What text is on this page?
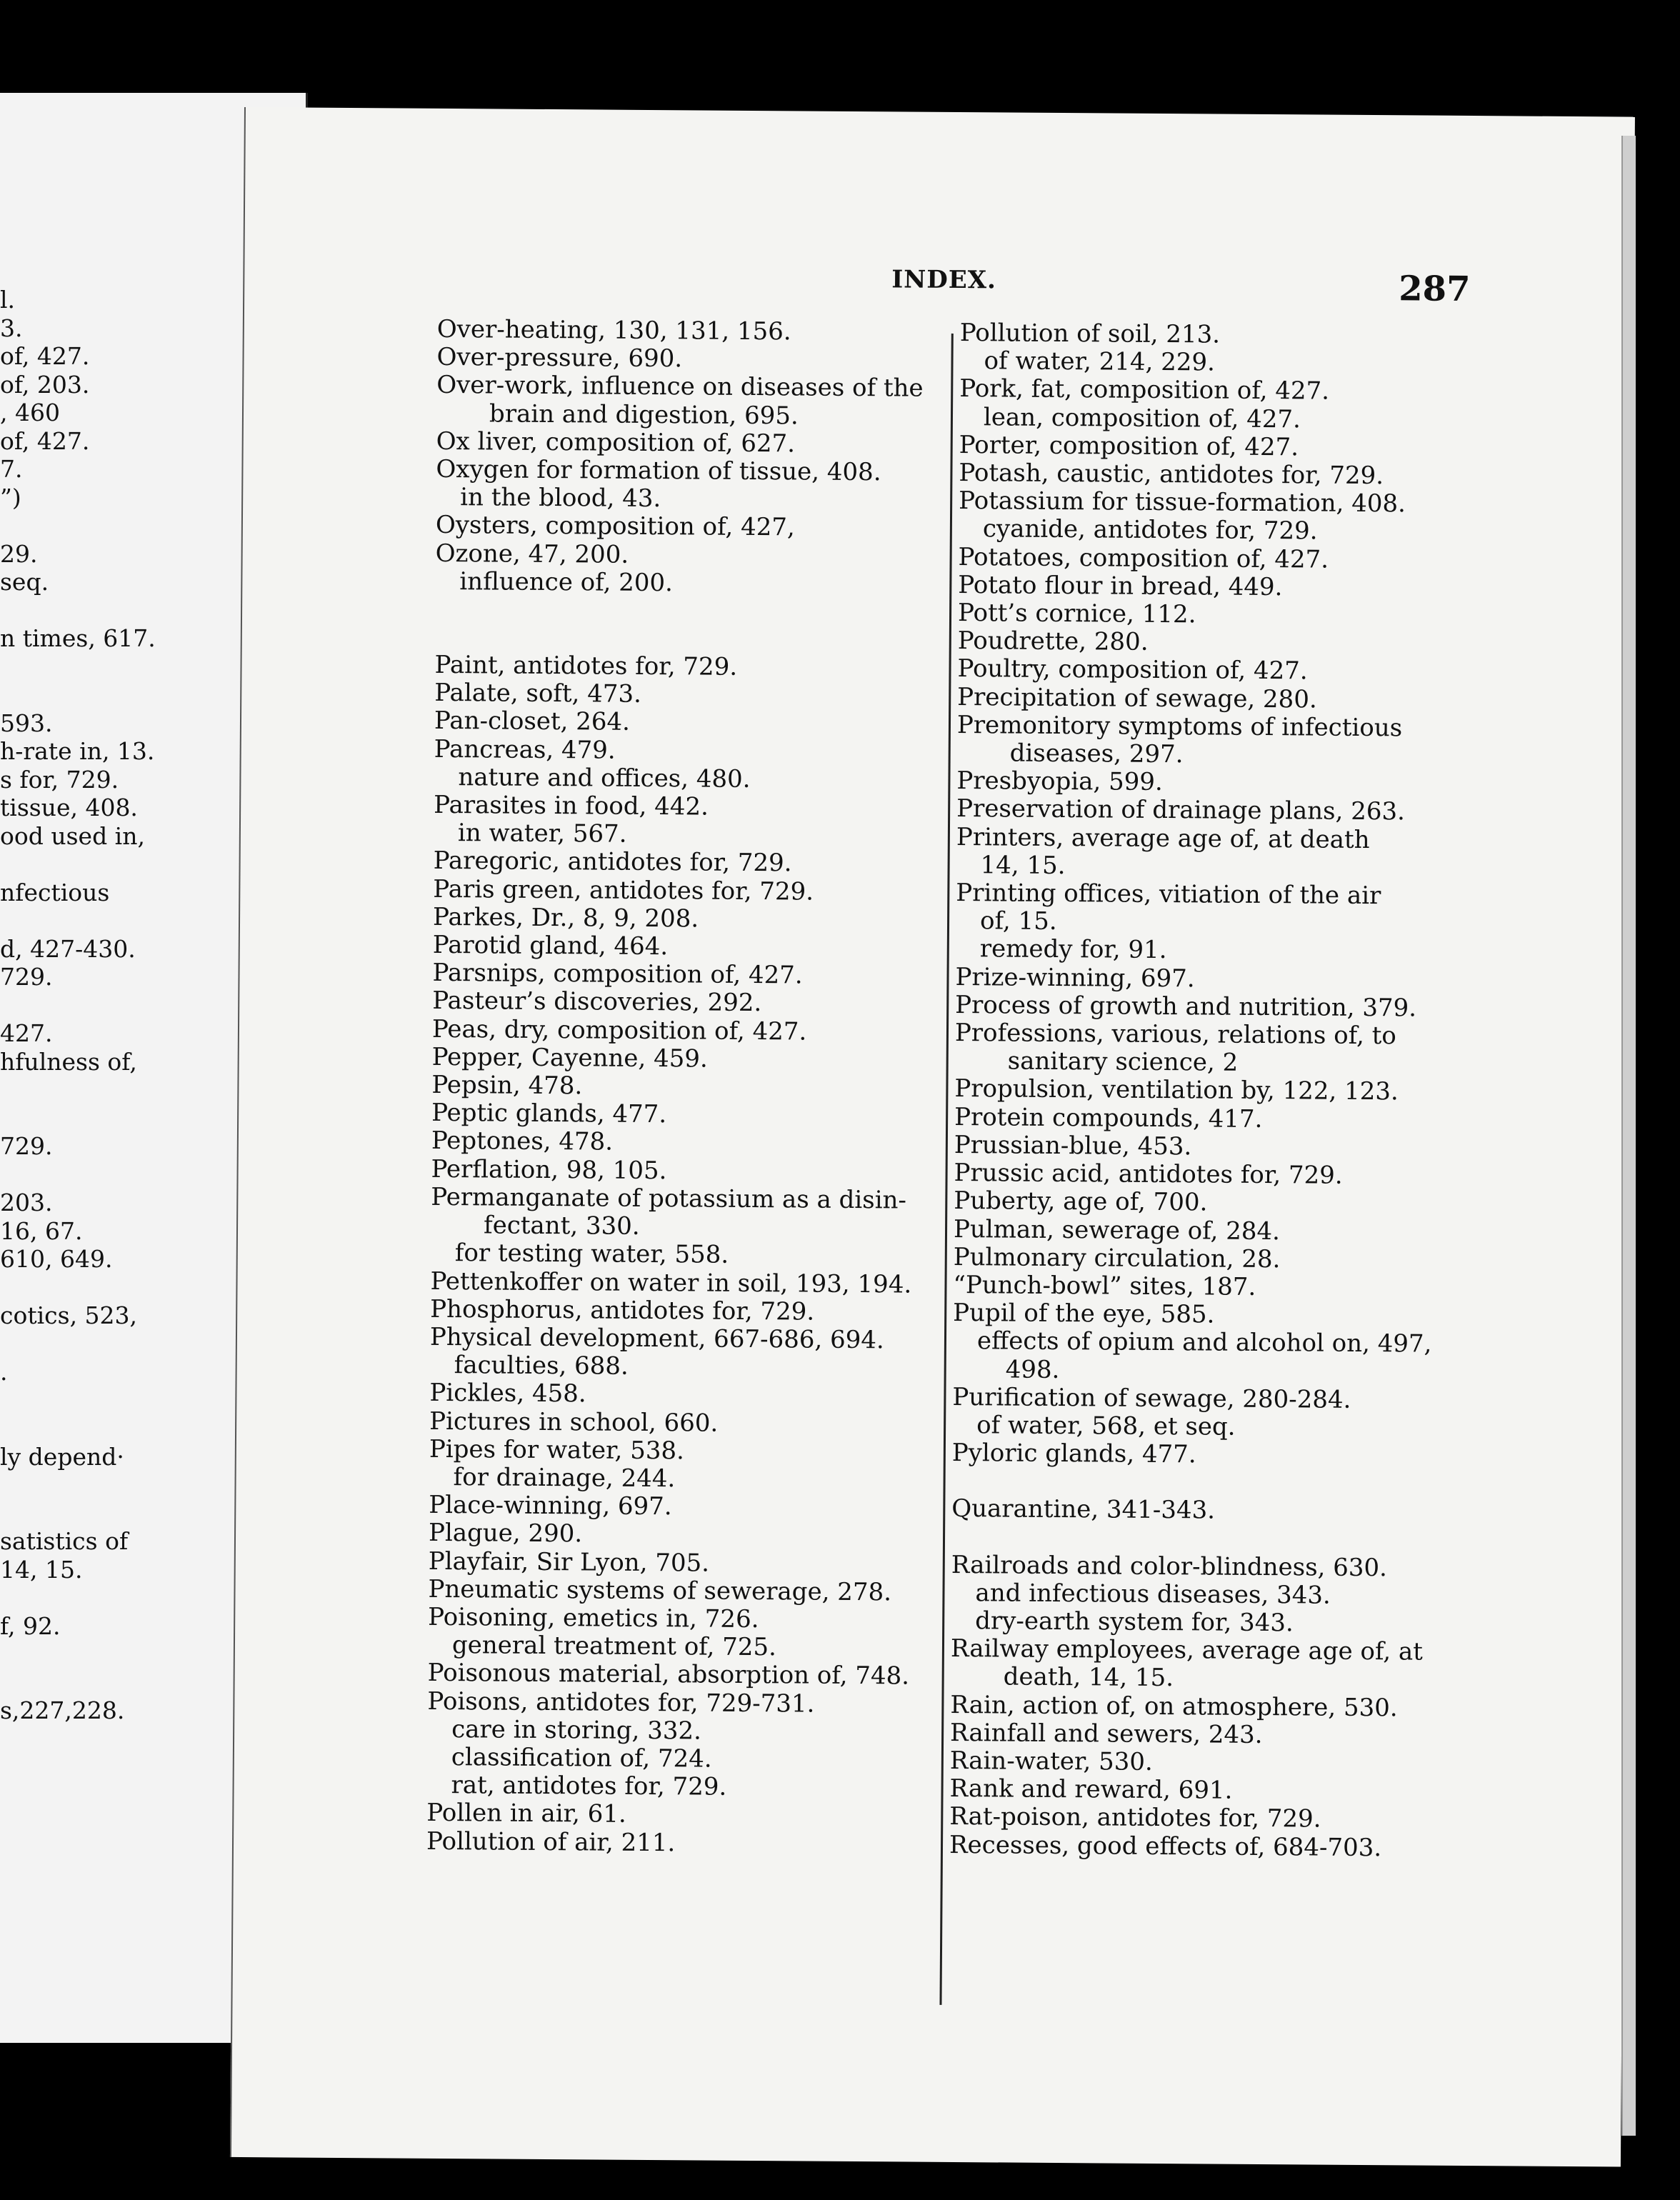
l.
3.
of, 427.
of, 203.
, 460
of, 427.
7.
”)
29.
seq.
n times, 617.
593.
h-rate in, 13.
s for, 729.
tissue, 408.
ood used in,
nfectious
d, 427-430.
729.
427.
hfulness of,
729.
203.
16, 67.
610, 649.
cotics, 523,
.
ly depend·
satistics of
14, 15.
f, 92.
s,227,228.
INDEX.	287
Over-heating, 130, 131, 156.
Over-pressure, 690.
Over-work, influence on diseases of the
brain and digestion, 695.
Ox liver, composition of, 627.
Oxygen for formation of tissue, 408.
in the blood, 43.
Oysters, composition of, 427,
Ozone, 47, 200.
influence of, 200.
Paint, antidotes for, 729.
Palate, soft, 473.
Pan-closet, 264.
Pancreas, 479.
nature and offices, 480.
Parasites in food, 442.
in water, 567.
Paregoric, antidotes for, 729.
Paris green, antidotes for, 729.
Parkes, Dr., 8, 9, 208.
Parotid gland, 464.
Parsnips, composition of, 427.
Pasteur’s discoveries, 292.
Peas, dry, composition of, 427.
Pepper, Cayenne, 459.
Pepsin, 478.
Peptic glands, 477.
Peptones, 478.
Perflation, 98, 105.
Permanganate of potassium as a disin-
fectant, 330.
for testing water, 558.
Pettenkoffer on water in soil, 193, 194.
Phosphorus, antidotes for, 729.
Physical development, 667-686, 694.
faculties, 688.
Pickles, 458.
Pictures in school, 660.
Pipes for water, 538.
for drainage, 244.
Place-winning, 697.
Plague, 290.
Playfair, Sir Lyon, 705.
Pneumatic systems of sewerage, 278.
Poisoning, emetics in, 726.
general treatment of, 725.
Poisonous material, absorption of, 748.
Poisons, antidotes for, 729-731.
care in storing, 332.
classification of, 724.
rat, antidotes for, 729.
Pollen in air, 61.
Pollution of air, 211.
Pollution of soil, 213.
of water, 214, 229.
Pork, fat, composition of, 427.
lean, composition of, 427.
Porter, composition of, 427.
Potash, caustic, antidotes for, 729.
Potassium for tissue-formation, 408.
cyanide, antidotes for, 729.
Potatoes, composition of, 427.
Potato flour in bread, 449.
Pott’s cornice, 112.
Poudrette, 280.
Poultry, composition of, 427.
Precipitation of sewage, 280.
Premonitory symptoms of infectious
diseases, 297.
Presbyopia, 599.
Preservation of drainage plans, 263.
Printers, average age of, at death
14, 15.
Printing offices, vitiation of the air
of, 15.
remedy for, 91.
Prize-winning, 697.
Process of growth and nutrition, 379.
Professions, various, relations of, to
sanitary science, 2
Propulsion, ventilation by, 122, 123.
Protein compounds, 417.
Prussian-blue, 453.
Prussic acid, antidotes for, 729.
Puberty, age of, 700.
Pulman, sewerage of, 284.
Pulmonary circulation, 28.
“Punch-bowl” sites, 187.
Pupil of the eye, 585.
effects of opium and alcohol on, 497,
498.
Purification of sewage, 280-284.
of water, 568, et seq.
Pyloric glands, 477.
Quarantine, 341-343.
Railroads and color-blindness, 630.
and infectious diseases, 343.
dry-earth system for, 343.
Railway employees, average age of, at
death, 14, 15.
Rain, action of, on atmosphere, 530.
Rainfall and sewers, 243.
Rain-water, 530.
Rank and reward, 691.
Rat-poison, antidotes for, 729.
Recesses, good effects of, 684-703.
